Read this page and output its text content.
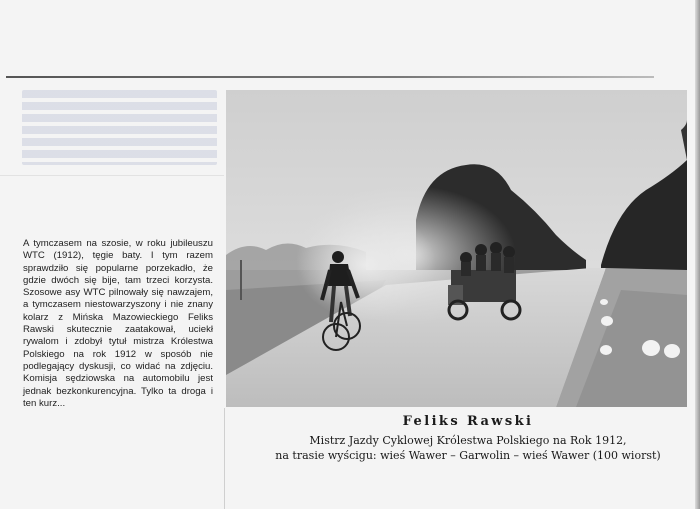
A tymczasem na szosie, w roku jubileuszu WTC (1912), tęgie baty. I tym razem sprawdziło się popularne porzekadło, że gdzie dwóch się bije, tam trzeci korzysta. Szosowe asy WTC pilnowały się nawzajem, a tymczasem niestowarzyszony i nie znany kolarz z Mińska Mazowieckiego Feliks Rawski skutecznie zaatakował, uciekł rywalom i zdobył tytuł mistrza Królestwa Polskiego na rok 1912 w sposób nie podlegający dyskusji, co widać na zdjęciu. Komisja sędziowska na automobilu jest jednak bezkonkurencyjna. Tylko ta droga i ten kurz...

Feliks Rawski

Mistrz Jazdy Cyklowej Królestwa Polskiego na Rok 1912,

na trasie wyścigu: wieś Wawer – Garwolin – wieś Wawer (100 wiorst)
